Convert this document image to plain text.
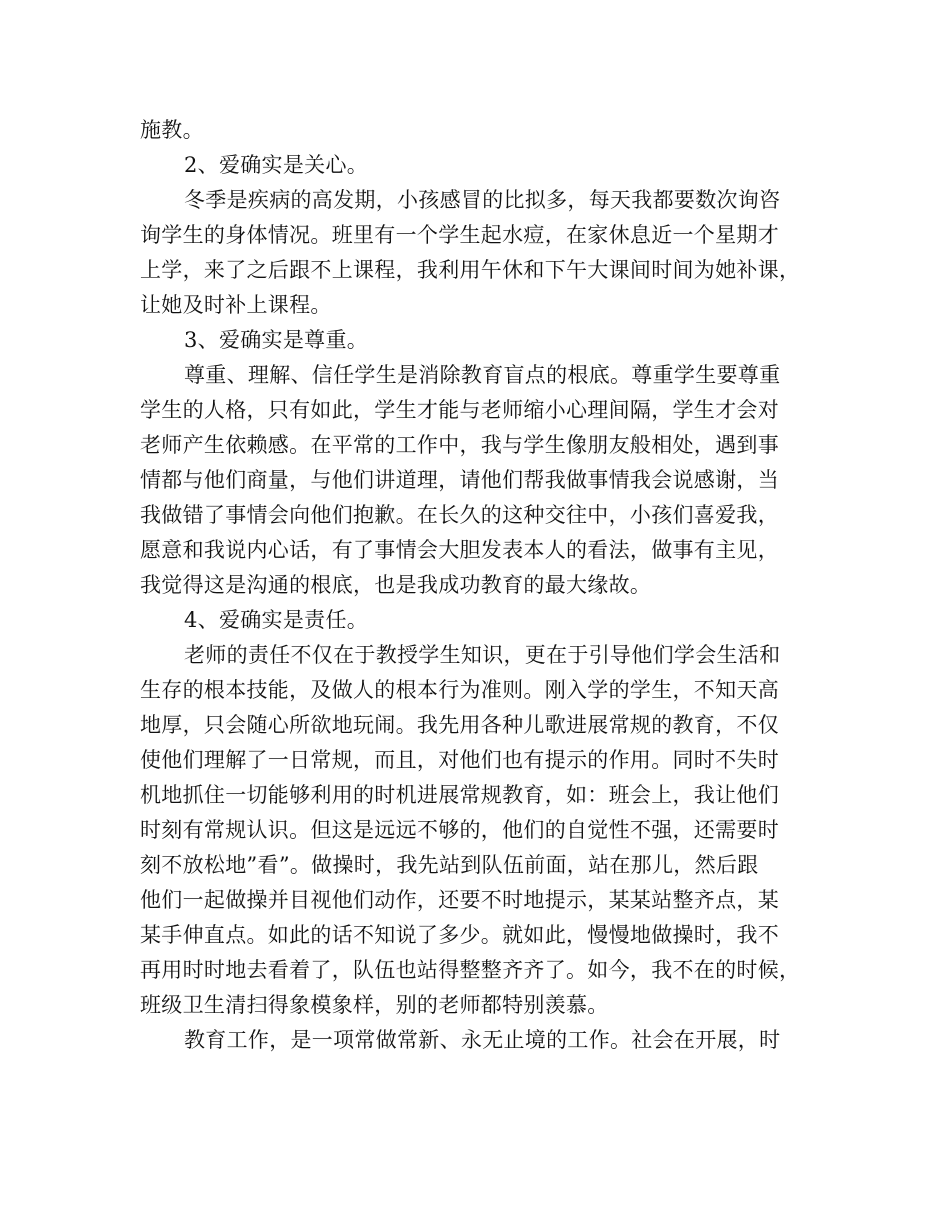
施教。
2、爱确实是关心。
冬季是疾病的高发期，小孩感冒的比拟多，每天我都要数次询咨
询学生的身体情况。班里有一个学生起水痘，在家休息近一个星期才
上学，来了之后跟不上课程，我利用午休和下午大课间时间为她补课，
让她及时补上课程。
3、爱确实是尊重。
尊重、理解、信任学生是消除教育盲点的根底。尊重学生要尊重
学生的人格，只有如此，学生才能与老师缩小心理间隔，学生才会对
老师产生依赖感。在平常的工作中，我与学生像朋友般相处，遇到事
情都与他们商量，与他们讲道理，请他们帮我做事情我会说感谢，当
我做错了事情会向他们抱歉。在长久的这种交往中，小孩们喜爱我，
愿意和我说内心话，有了事情会大胆发表本人的看法，做事有主见，
我觉得这是沟通的根底，也是我成功教育的最大缘故。
4、爱确实是责任。
老师的责任不仅在于教授学生知识，更在于引导他们学会生活和
生存的根本技能，及做人的根本行为准则。刚入学的学生，不知天高
地厚，只会随心所欲地玩闹。我先用各种儿歌进展常规的教育，不仅
使他们理解了一日常规，而且，对他们也有提示的作用。同时不失时
机地抓住一切能够利用的时机进展常规教育，如：班会上，我让他们
时刻有常规认识。但这是远远不够的，他们的自觉性不强，还需要时
刻不放松地”看”。做操时，我先站到队伍前面，站在那儿，然后跟
他们一起做操并目视他们动作，还要不时地提示，某某站整齐点，某
某手伸直点。如此的话不知说了多少。就如此，慢慢地做操时，我不
再用时时地去看着了，队伍也站得整整齐齐了。如今，我不在的时候，
班级卫生清扫得象模象样，别的老师都特别羡慕。
教育工作，是一项常做常新、永无止境的工作。社会在开展，时
